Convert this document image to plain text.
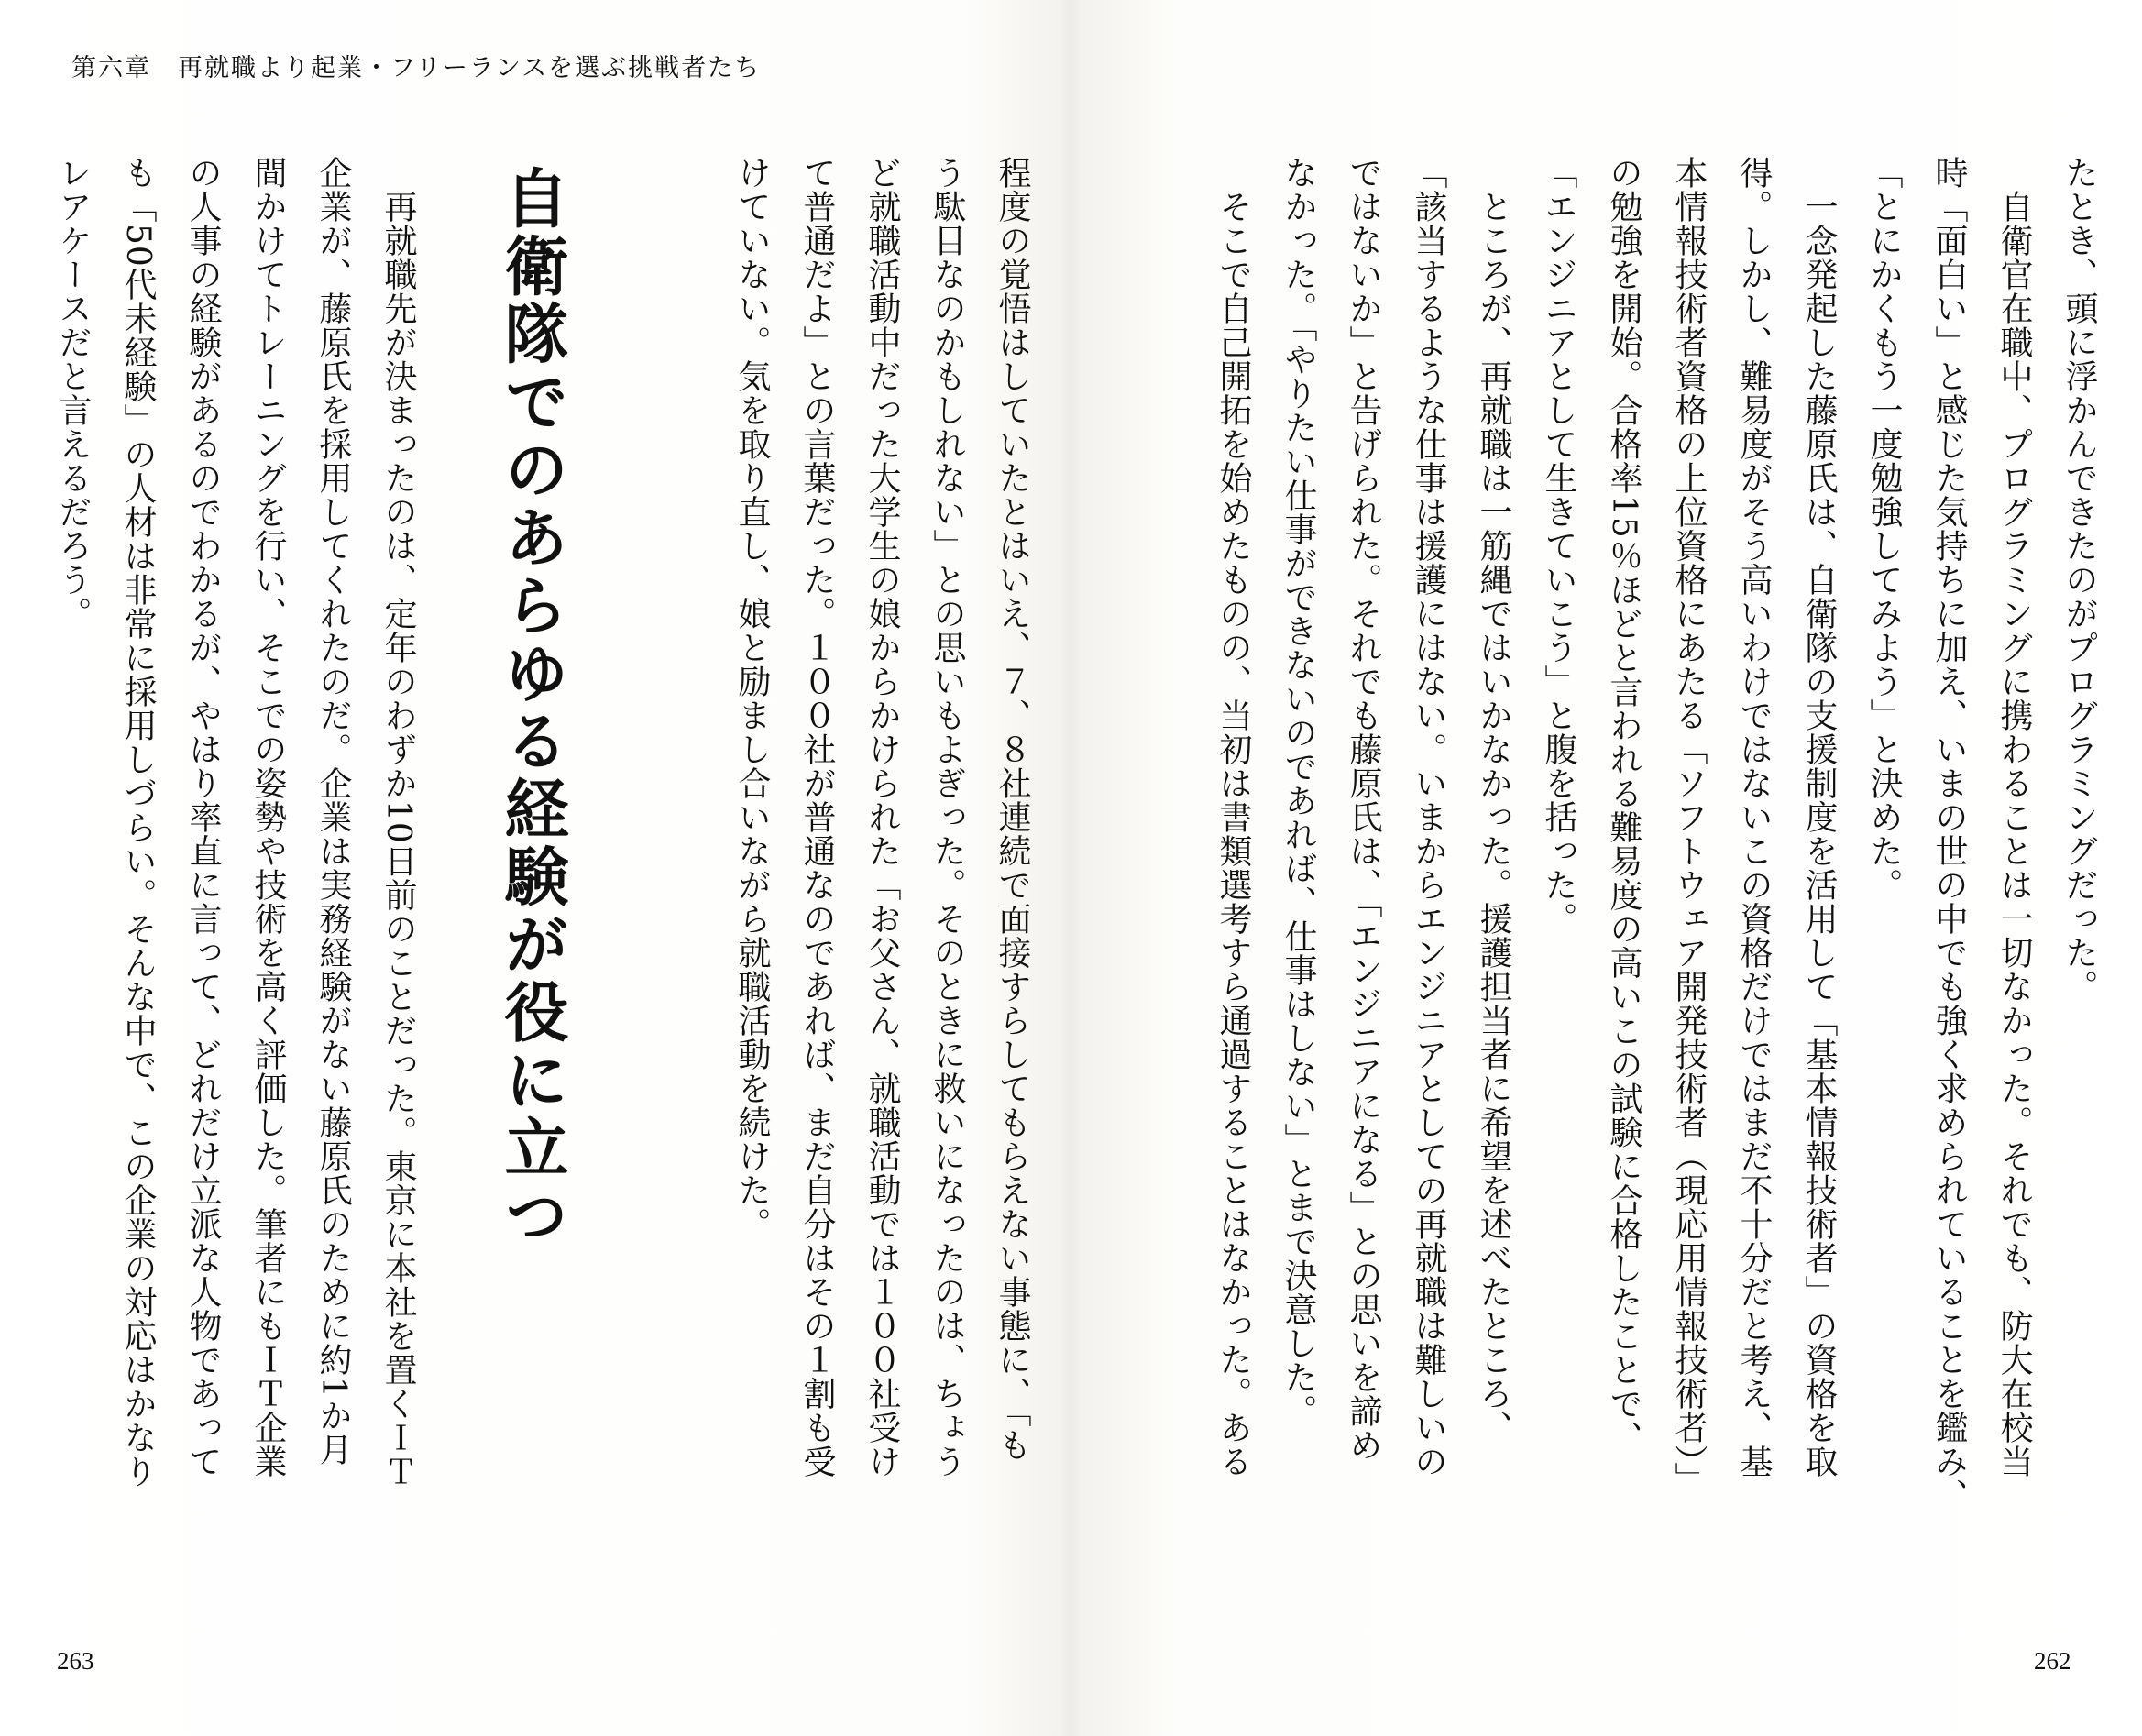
第六章　再就職より起業・フリーランスを選ぶ挑戦者たち

程度の覚悟はしていたとはいえ、７、８社連続で面接すらしてもらえない事態に、「も

う駄目なのかもしれない」との思いもよぎった。そのときに救いになったのは、ちょう

ど就職活動中だった大学生の娘からかけられた「お父さん、就職活動では１００社受け

て普通だよ」との言葉だった。１００社が普通なのであれば、まだ自分はその１割も受

けていない。気を取り直し、娘と励まし合いながら就職活動を続けた。

自衛隊でのあらゆる経験が役に立つ

　再就職先が決まったのは、定年のわずか10日前のことだった。東京に本社を置くＩＴ

企業が、藤原氏を採用してくれたのだ。企業は実務経験がない藤原氏のために約1か月

間かけてトレーニングを行い、そこでの姿勢や技術を高く評価した。筆者にもＩＴ企業

の人事の経験があるのでわかるが、やはり率直に言って、どれだけ立派な人物であって

も「50代未経験」の人材は非常に採用しづらい。そんな中で、この企業の対応はかなり

レアケースだと言えるだろう。

263

たとき、頭に浮かんできたのがプログラミングだった。

　自衛官在職中、プログラミングに携わることは一切なかった。それでも、防大在校当

時「面白い」と感じた気持ちに加え、いまの世の中でも強く求められていることを鑑み、

「とにかくもう一度勉強してみよう」と決めた。

　一念発起した藤原氏は、自衛隊の支援制度を活用して「基本情報技術者」の資格を取

得。しかし、難易度がそう高いわけではないこの資格だけではまだ不十分だと考え、基

本情報技術者資格の上位資格にあたる「ソフトウェア開発技術者（現応用情報技術者）」

の勉強を開始。合格率15％ほどと言われる難易度の高いこの試験に合格したことで、

「エンジニアとして生きていこう」と腹を括った。

　ところが、再就職は一筋縄ではいかなかった。援護担当者に希望を述べたところ、

「該当するような仕事は援護にはない。いまからエンジニアとしての再就職は難しいの

ではないか」と告げられた。それでも藤原氏は、「エンジニアになる」との思いを諦め

なかった。「やりたい仕事ができないのであれば、仕事はしない」とまで決意した。

　そこで自己開拓を始めたものの、当初は書類選考すら通過することはなかった。ある

262
